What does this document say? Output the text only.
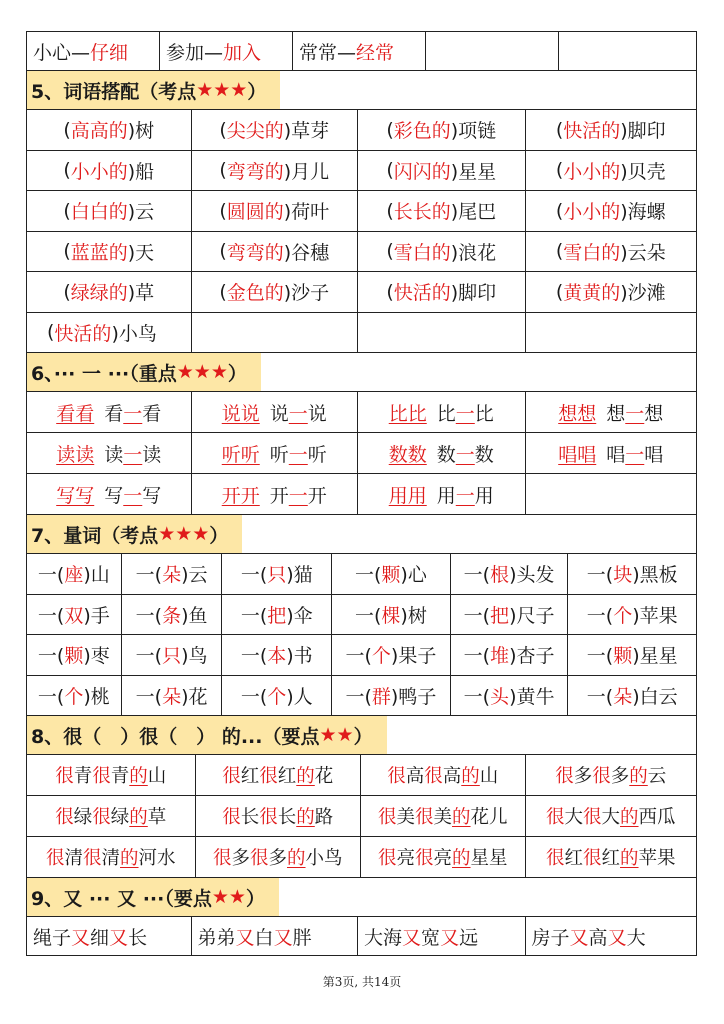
小心— 仔细 参加— 加入 常常— 经常
5、词语搭配（考点 ★★★ ）
( 高高的 )树	( 尖尖的 )草芽	( 彩色的 )项链	( 快活的 )脚印
( 小小的 )船	( 弯弯的 )月儿	( 闪闪的 )星星	( 小小的 )贝壳
( 白白的 )云	( 圆圆的 )荷叶	( 长长的 )尾巴	( 小小的 )海螺
( 蓝蓝的 )天	( 弯弯的 )谷穗	( 雪白的 )浪花	( 雪白的 )云朵
( 绿绿的 )草	( 金色的 )沙子	( 快活的 )脚印	( 黄黄的 )沙滩
( 快活的 )小鸟
6、··· 一 ···（重点 ★★★ ）
看看 看 一 看	说说 说 一 说	比比 比 一 比	想想 想 一 想
读读 读 一 读	听听 听 一 听	数数 数 一 数	唱唱 唱 一 唱
写写 写 一 写	开开 开 一 开	用用 用 一 用
7、量词（考点 ★★★ ）
一( 座 )山 一( 朵 )云 一( 只 )猫 一( 颗 )心 一( 根 )头发 一( 块 )黑板
一( 双 )手 一( 条 )鱼 一( 把 )伞 一( 棵 )树 一( 把 )尺子 一( 个 )苹果
一( 颗 )枣 一( 只 )鸟 一( 本 )书 一( 个 )果子 一( 堆 )杏子 一( 颗 )星星
一( 个 )桃 一( 朵 )花 一( 个 )人 一( 群 )鸭子 一( 头 )黄牛 一( 朵 )白云
8、很（　）很（　） 的...（要点 ★★ ）
很 青 很 青 的 山	很 红 很 红 的 花	很 高 很 高 的 山	很 多 很 多 的 云
很 绿 很 绿 的 草	很 长 很 长 的 路 很 美 很 美 的 花儿 很 大 很 大 的 西瓜
很 清 很 清 的 河水 很 多 很 多 的 小鸟 很 亮 很 亮 的 星星 很 红 很 红 的 苹果
9、又 ··· 又 ···（要点 ★★ ）
绳子 又 细 又 长	弟弟 又 白 又 胖	大海 又 宽 又 远	房子 又 高 又 大
第3页, 共14页
